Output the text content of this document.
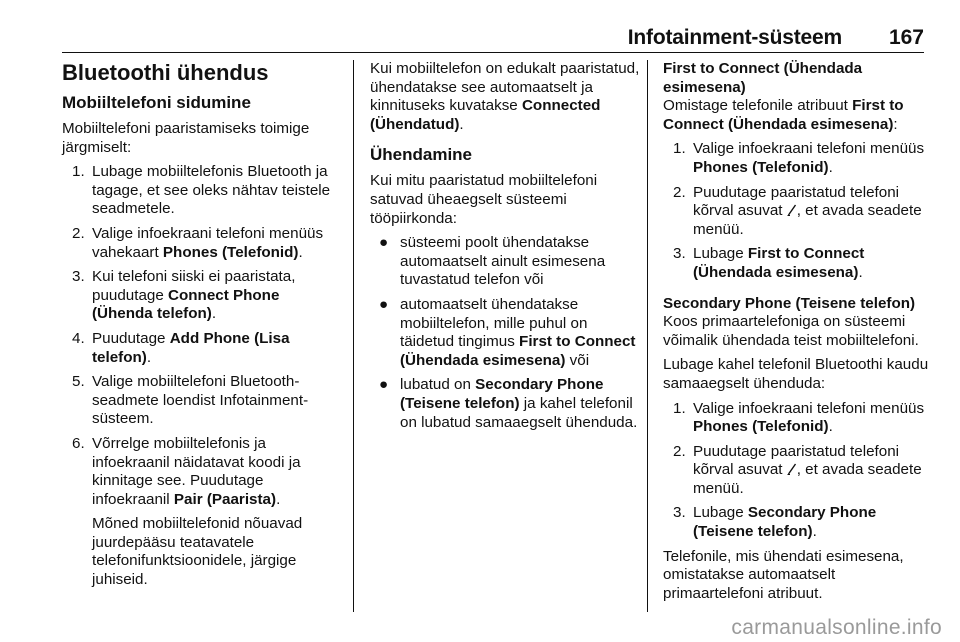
Infotainment-süsteem 167
Bluetoothi ühendus
Mobiiltelefoni sidumine

Mobiiltelefoni paaristamiseks toimige järgmiselt:

1. Lubage mobiiltelefonis Bluetooth ja tagage, et see oleks nähtav teistele seadmetele.
2. Valige infoekraani telefoni menüüs vahekaart Phones (Telefonid).
3. Kui telefoni siiski ei paaristata, puudutage Connect Phone (Ühenda telefon).
4. Puudutage Add Phone (Lisa telefon).
5. Valige mobiiltelefoni Bluetooth-seadmete loendist Infotainment-süsteem.
6. Võrrelge mobiiltelefonis ja infoekraanil näidatavat koodi ja kinnitage see. Puudutage infoekraanil Pair (Paarista).
Mõned mobiiltelefonid nõuavad juurdepääsu teatavatele telefonifunktsioonidele, järgige juhiseid.

Kui mobiiltelefon on edukalt paaristatud, ühendatakse see automaatselt ja kinnituseks kuvatakse Connected (Ühendatud).

Ühendamine

Kui mitu paaristatud mobiiltelefoni satuvad üheaegselt süsteemi tööpiirkonda:

● süsteemi poolt ühendatakse automaatselt ainult esimesena tuvastatud telefon või
● automaatselt ühendatakse mobiiltelefon, mille puhul on täidetud tingimus First to Connect (Ühendada esimesena) või
● lubatud on Secondary Phone (Teisene telefon) ja kahel telefonil on lubatud samaaegselt ühenduda.
First to Connect (Ühendada esimesena)

Omistage telefonile atribuut First to Connect (Ühendada esimesena):

1. Valige infoekraani telefoni menüüs Phones (Telefonid).
2. Puudutage paaristatud telefoni kõrval asuvat , et avada seadete menüü.
3. Lubage First to Connect (Ühendada esimesena).
Secondary Phone (Teisene telefon)

Koos primaartelefoniga on süsteemi võimalik ühendada teist mobiiltelefoni.

Lubage kahel telefonil Bluetoothi kaudu samaaegselt ühenduda:

1. Valige infoekraani telefoni menüüs Phones (Telefonid).
2. Puudutage paaristatud telefoni kõrval asuvat , et avada seadete menüü.
3. Lubage Secondary Phone (Teisene telefon).

Telefonile, mis ühendati esimesena, omistatakse automaatselt primaartelefoni atribuut.

carmanualsonline.info
